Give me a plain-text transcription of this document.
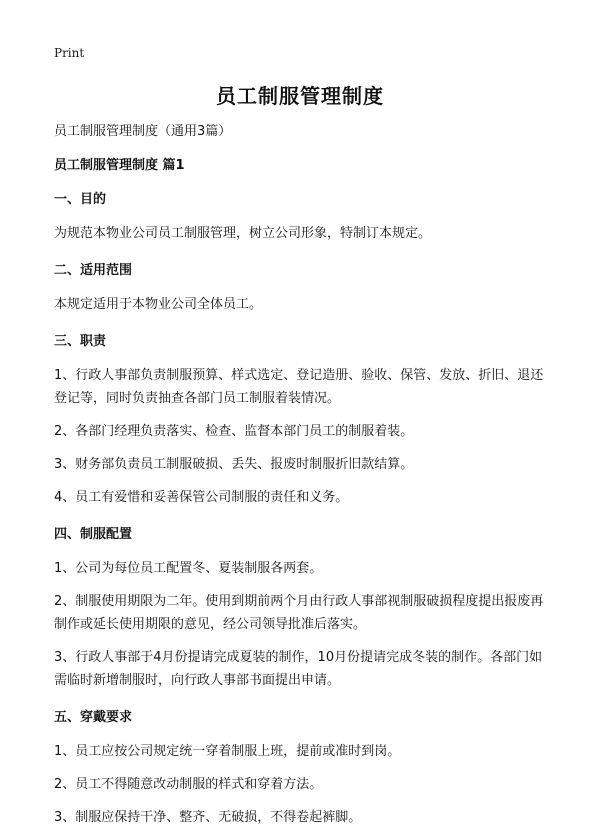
Print
员工制服管理制度

员工制服管理制度（通用3篇）

员工制服管理制度 篇1

一、目的

为规范本物业公司员工制服管理，树立公司形象，特制订本规定。

二、适用范围

本规定适用于本物业公司全体员工。

三、职责

1、行政人事部负责制服预算、样式选定、登记造册、验收、保管、发放、折旧、退还登记等，同时负责抽查各部门员工制服着装情况。

2、各部门经理负责落实、检查、监督本部门员工的制服着装。

3、财务部负责员工制服破损、丢失、报废时制服折旧款结算。

4、员工有爱惜和妥善保管公司制服的责任和义务。

四、制服配置

1、公司为每位员工配置冬、夏装制服各两套。

2、制服使用期限为二年。使用到期前两个月由行政人事部视制服破损程度提出报废再制作或延长使用期限的意见，经公司领导批准后落实。

3、行政人事部于4月份提请完成夏装的制作，10月份提请完成冬装的制作。各部门如需临时新增制服时，向行政人事部书面提出申请。

五、穿戴要求

1、员工应按公司规定统一穿着制服上班，提前或准时到岗。

2、员工不得随意改动制服的样式和穿着方法。

3、制服应保持干净、整齐、无破损，不得卷起裤脚。
